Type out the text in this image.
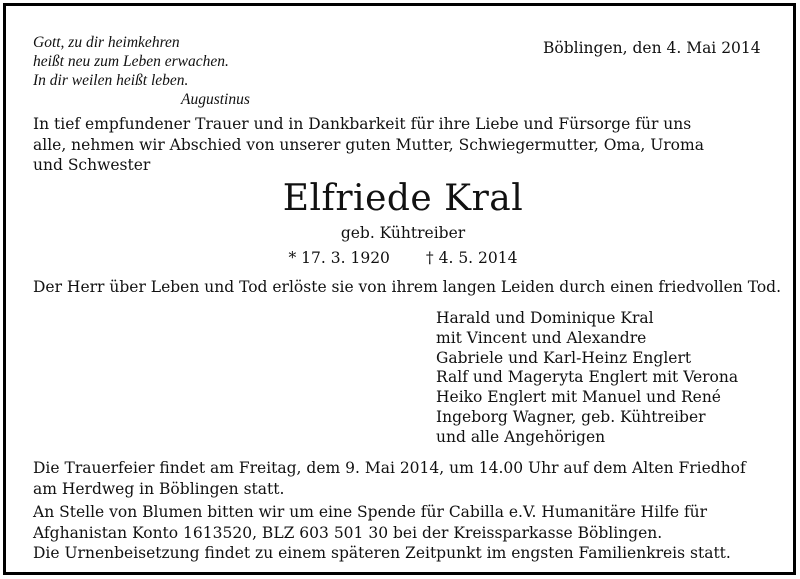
Gott, zu dir heimkehren
heißt neu zum Leben erwachen.
In dir weilen heißt leben.
Augustinus
Böblingen, den 4. Mai 2014
In tief empfundener Trauer und in Dankbarkeit für ihre Liebe und Fürsorge für uns
alle, nehmen wir Abschied von unserer guten Mutter, Schwiegermutter, Oma, Uroma
und Schwester
Elfriede Kral
geb. Kühtreiber
* 17. 3. 1920 † 4. 5. 2014
Der Herr über Leben und Tod erlöste sie von ihrem langen Leiden durch einen friedvollen Tod.
Harald und Dominique Kral
mit Vincent und Alexandre
Gabriele und Karl-Heinz Englert
Ralf und Mageryta Englert mit Verona
Heiko Englert mit Manuel und René
Ingeborg Wagner, geb. Kühtreiber
und alle Angehörigen
Die Trauerfeier findet am Freitag, dem 9. Mai 2014, um 14.00 Uhr auf dem Alten Friedhof
am Herdweg in Böblingen statt.
An Stelle von Blumen bitten wir um eine Spende für Cabilla e.V. Humanitäre Hilfe für
Afghanistan Konto 1613520, BLZ 603 501 30 bei der Kreissparkasse Böblingen.
Die Urnenbeisetzung findet zu einem späteren Zeitpunkt im engsten Familienkreis statt.
